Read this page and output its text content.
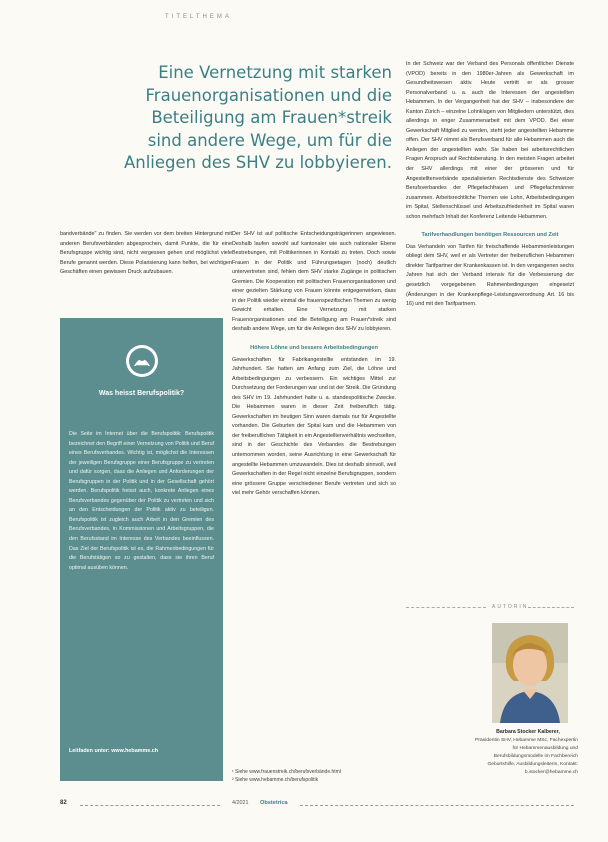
TITELTHEMA
Eine Vernetzung mit starken Frauenorganisationen und die Beteiligung am Frauen*streik sind andere Wege, um für die Anliegen des SHV zu lobbyieren.

bandverbände" zu finden. Sie werden vor dem breiten Hintergrund mit anderen Berufsverbänden abgesprochen, damit Punkte, die für eine Berufsgruppe wichtig sind, nicht vergessen gehen und möglichst viele Berufe genannt werden. Diese Polarisierung kann helfen, bei wichtigen Geschäften einen gewissen Druck aufzubauen.

Was heisst Berufspolitik?
Die Seite im Internet über die Berufspolitik: Berufspolitik bezeichnet den Begriff einer Vernetzung von Politik und Beruf eines Berufsverbandes. Wichtig ist, möglichst die Interessen der jeweiligen Berufsgruppe einer Berufsgruppe zu vertreten und dafür sorgen, dass die Anliegen und Anforderungen der Berufsgruppen in der Politik und in der Gesellschaft gehört werden. Berufspolitik heisst auch, konkrete Anliegen eines Berufsverbandes gegenüber der Politik zu vertreten und sich an den Entscheidungen der Politik aktiv zu beteiligen. Berufspolitik ist zugleich auch Arbeit in den Gremien des Berufsverbandes, in Kommissionen und Arbeitsgruppen, die den Berufsstand im Interesse des Verbandes beeinflussen. Das Ziel der Berufspolitik ist es, die Rahmenbedingungen für die Berufstätigen so zu gestalten, dass sie ihren Beruf optimal ausüben können.
Leitfaden unter: www.hebamme.ch

Der SHV ist auf politische Entscheidungsträgerinnen angewiesen. Deshalb laufen sowohl auf kantonaler wie auch nationaler Ebene Bestrebungen, mit Politikerinnen in Kontakt zu treten. Doch sowie Frauen in der Politik und Führungsetagen (noch) deutlich untervertreten sind, fehlen dem SHV starke Zugänge in politischen Gremien. Die Kooperation mit politischen Frauenorganisationen und einer gezielten Stärkung von Frauen könnte entgegenwirken, dass in der Politik wieder einmal die frauenspezifischen Themen zu wenig Gewicht erhalten. Eine Vernetzung mit starken Frauenorganisationen und die Beteiligung am Frauen*streik sind deshalb andere Wege, um für die Anliegen des SHV zu lobbyieren.

Höhere Löhne und bessere Arbeitsbedingungen

Gewerkschaften für Fabrikangestellte entstanden im 19. Jahrhundert. Sie hatten am Anfang zum Ziel, die Löhne und Arbeitsbedingungen zu verbessern. Ein wichtiges Mittel zur Durchsetzung der Forderungen war und ist der Streik. Die Gründung des SHV im 19. Jahrhundert hatte u. a. standespolitische Zwecke. Die Hebammen waren in dieser Zeit freiberuflich tätig. Gewerkschaften im heutigen Sinn waren damals nur für Angestellte vorhanden. Die Geburten der Spital kam und die Hebammen von der freiberuflichen Tätigkeit in ein Angestelltenverhältnis wechselten, sind in der Geschichte des Verbandes die Bestrebungen unternommen worden, seine Ausrichtung in eine Gewerkschaft für angestellte Hebammen umzuwandeln. Dies ist deshalb sinnvoll, weil Gewerkschaften in der Regel nicht einzelne Berufsgruppen, sondern eine grössere Gruppe verschiedener Berufe vertreten und sich so viel mehr Gehör verschaffen können.

¹ Siehe www.frauenstreik.ch/berufsverbände.html
² Siehe www.hebamme.ch/berufspolitik

In der Schweiz war der Verband des Personals öffentlicher Dienste (VPOD) bereits in den 1980er-Jahren als Gewerkschaft im Gesundheitswesen aktiv. Heute vertritt er als grosser Personalverband u. a. auch die Interessen der angestellten Hebammen. In der Vergangenheit hat der SHV – insbesondere der Kanton Zürich – einzelne Lohnklagen von Mitgliedern unterstützt, dies allerdings in enger Zusammenarbeit mit dem VPOD. Bei einer Gewerkschaft Mitglied zu werden, steht jeder angestellten Hebamme offen. Der SHV nimmt als Berufsverband für alle Hebammen auch die Anliegen der angestellten wahr. Sie haben bei arbeitsrechtlichen Fragen Anspruch auf Rechtsberatung. In den meisten Fragen arbeitet der SHV allerdings mit einer der grösseren und für Angestelltenverbände spezialisierten Rechtsdienste des Schweizer Berufsverbandes der Pflegefachfrauen und Pflegefachmänner zusammen. Arbeitsrechtliche Themen wie Lohn, Arbeitsbedingungen im Spital, Stellenschlüssel und Arbeitszufriedenheit im Spital waren schon mehrfach Inhalt der Konferenz Leitende Hebammen.

Tarifverhandlungen benötigen Ressourcen und Zeit

Das Verhandeln von Tarifen für freischaffende Hebammenleistungen obliegt dem SHV, weil er als Vertreter der freiberuflichen Hebammen direkter Tarifpartner der Krankenkassen ist. In den vergangenen sechs Jahren hat sich der Verband intensiv für die Verbesserung der gesetzlich vorgegebenen Rahmenbedingungen eingesetzt (Änderungen in der Krankenpflege-Leistungsverordnung Art. 16 bis 16) und mit den Tarifpartnern.

AUTORIN
Barbara Stocker Kalberer,
Präsidentin SHV, Hebamme MSc, Fachexpertin für Hebammenausbildung und Berufsbildungsmodelle im Fachbereich Geburtshilfe, Ausbildungsleiterin, Kontakt: b.stocker@hebamme.ch
82	4/2021 Obstetrica
